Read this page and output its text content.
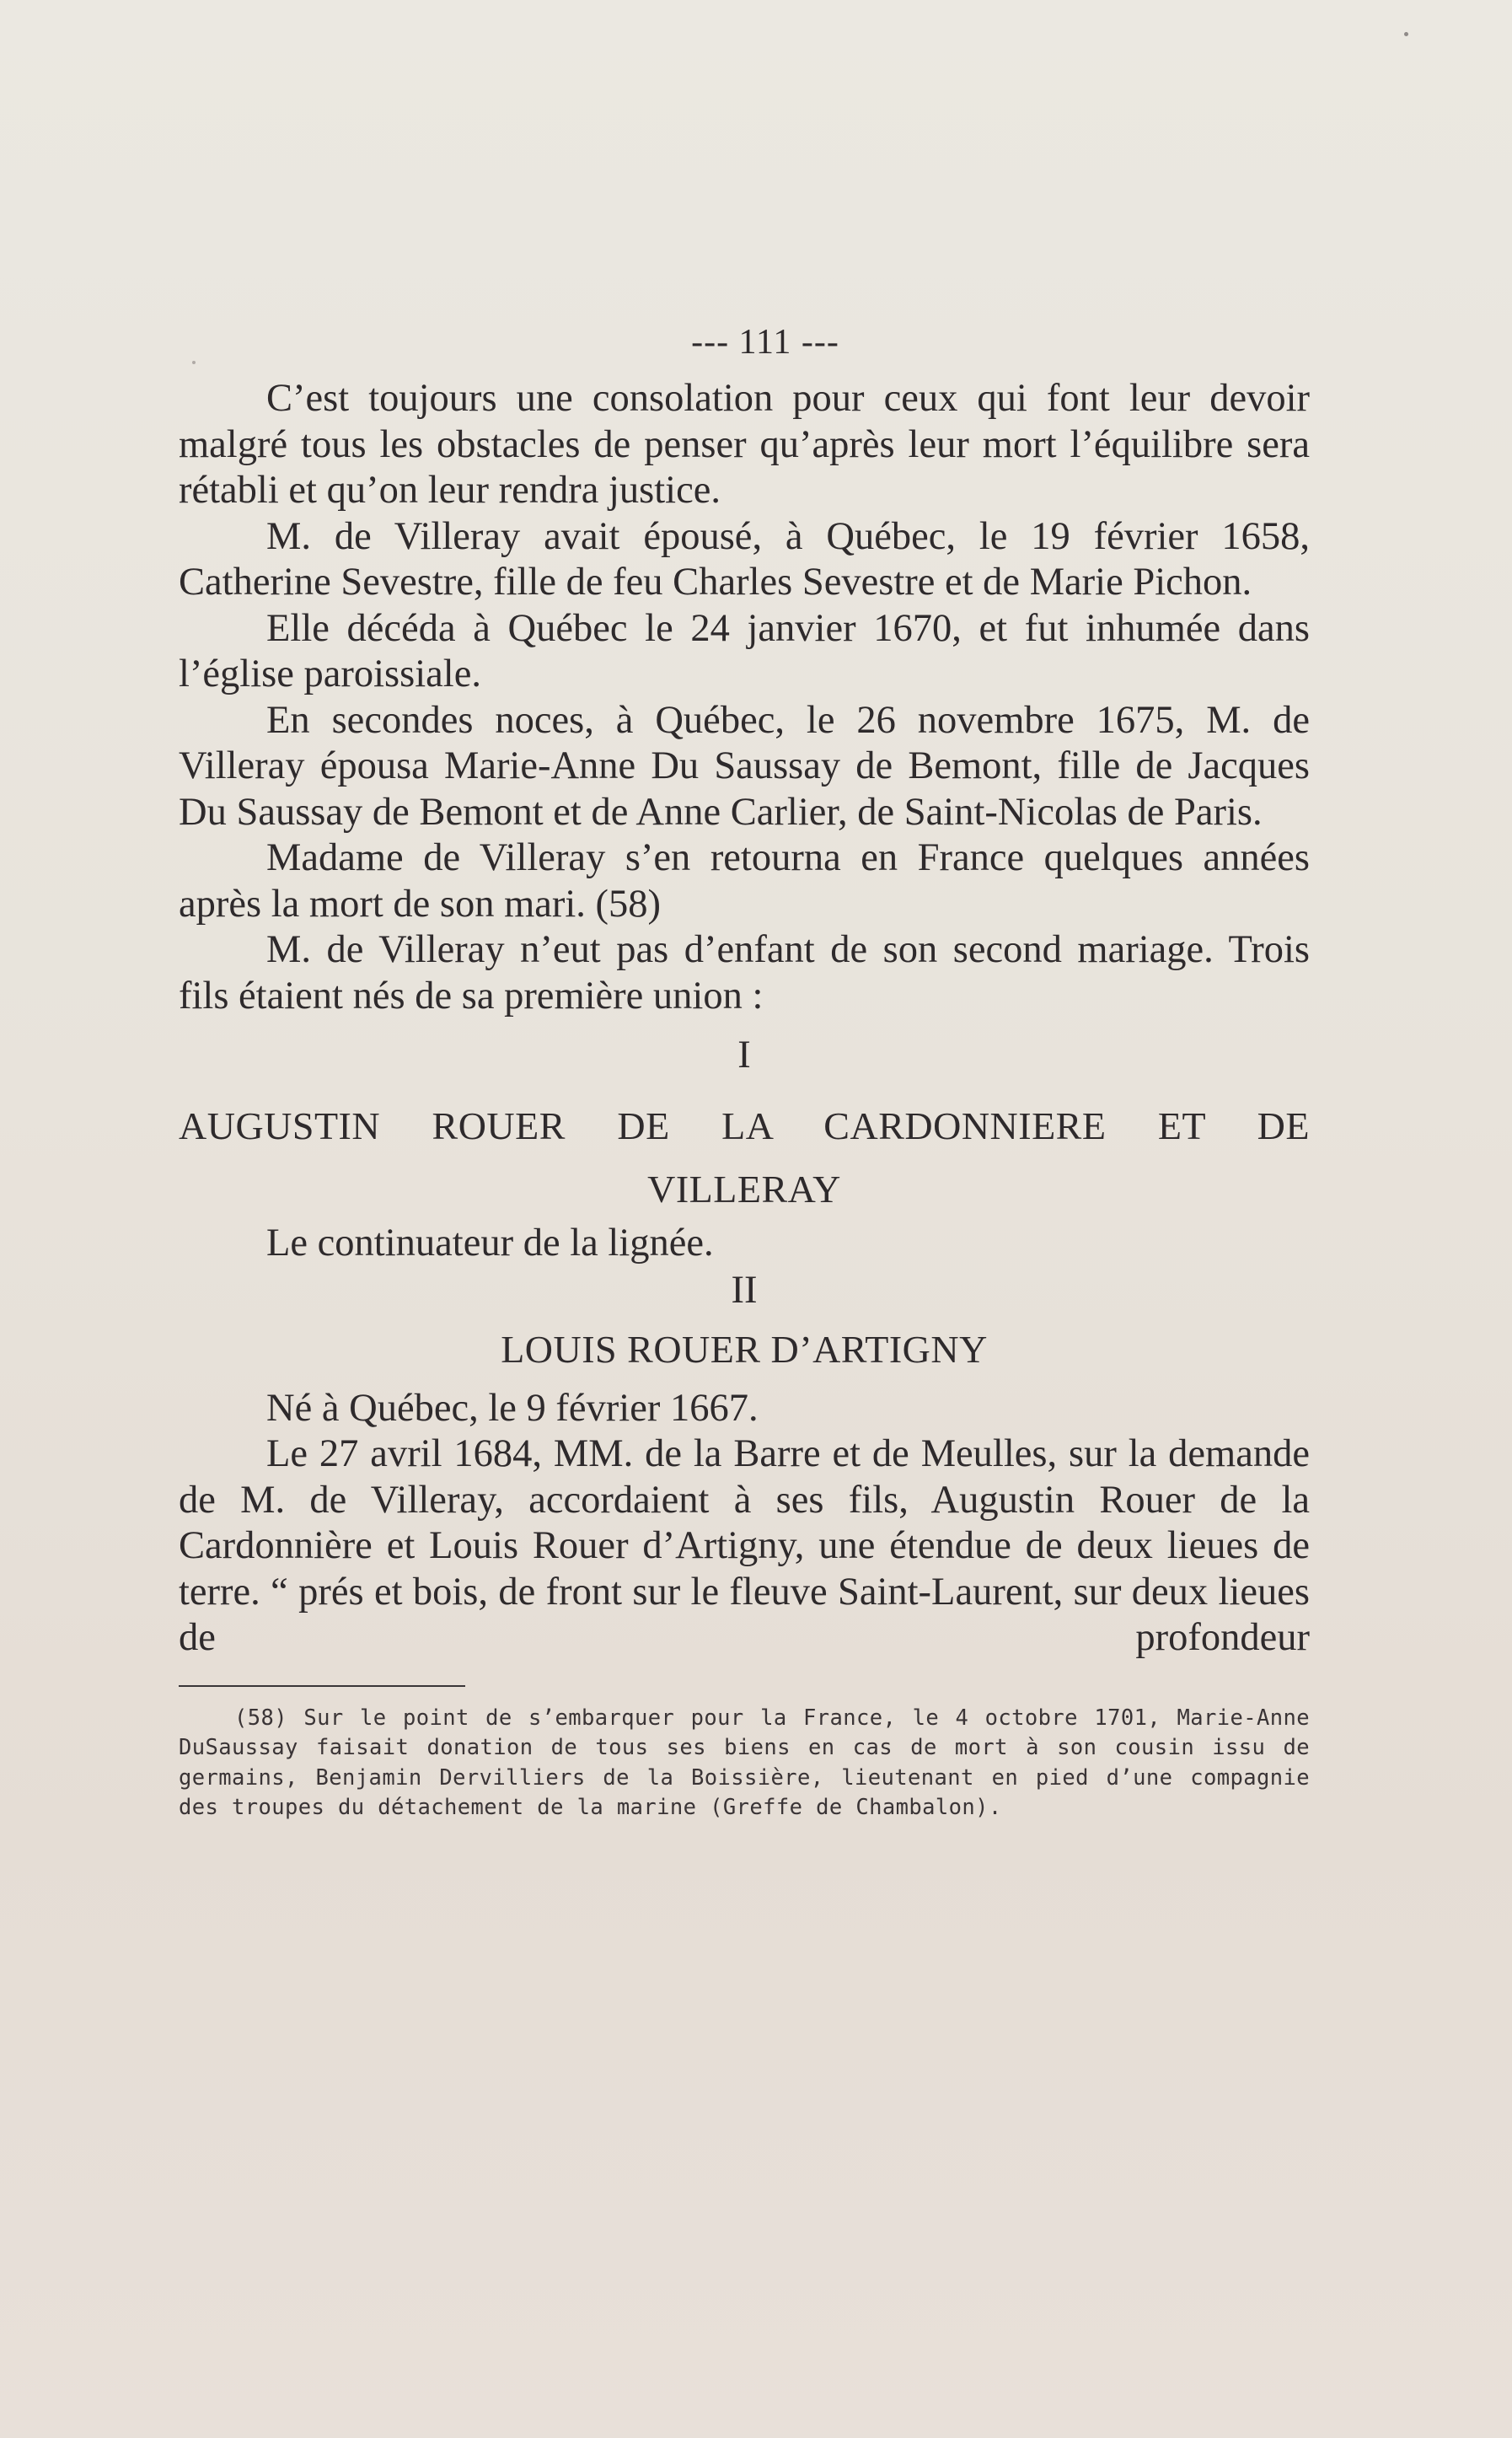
--- 111 ---

C’est toujours une consolation pour ceux qui font leur devoir malgré tous les obstacles de penser qu’après leur mort l’équilibre sera rétabli et qu’on leur rendra justice.

M. de Villeray avait épousé, à Québec, le 19 février 1658, Catherine Sevestre, fille de feu Charles Sevestre et de Marie Pichon.

Elle décéda à Québec le 24 janvier 1670, et fut inhumée dans l’église paroissiale.

En secondes noces, à Québec, le 26 novembre 1675, M. de Villeray épousa Marie-Anne Du Saussay de Bemont, fille de Jacques Du Saussay de Bemont et de Anne Carlier, de Saint-Nicolas de Paris.

Madame de Villeray s’en retourna en France quelques années après la mort de son mari. (58)

M. de Villeray n’eut pas d’enfant de son second mariage. Trois fils étaient nés de sa première union :

I

AUGUSTIN ROUER DE LA CARDONNIERE ET DE

VILLERAY

Le continuateur de la lignée.

II

LOUIS ROUER D’ARTIGNY

Né à Québec, le 9 février 1667.

Le 27 avril 1684, MM. de la Barre et de Meulles, sur la demande de M. de Villeray, accordaient à ses fils, Augustin Rouer de la Cardonnière et Louis Rouer d’Artigny, une étendue de deux lieues de terre. “ prés et bois, de front sur le fleuve Saint-Laurent, sur deux lieues de profondeur

(58) Sur le point de s’embarquer pour la France, le 4 octobre 1701, Marie-Anne DuSaussay faisait donation de tous ses biens en cas de mort à son cousin issu de germains, Benjamin Dervilliers de la Boissière, lieutenant en pied d’une compagnie des troupes du détachement de la marine (Greffe de Chambalon).
